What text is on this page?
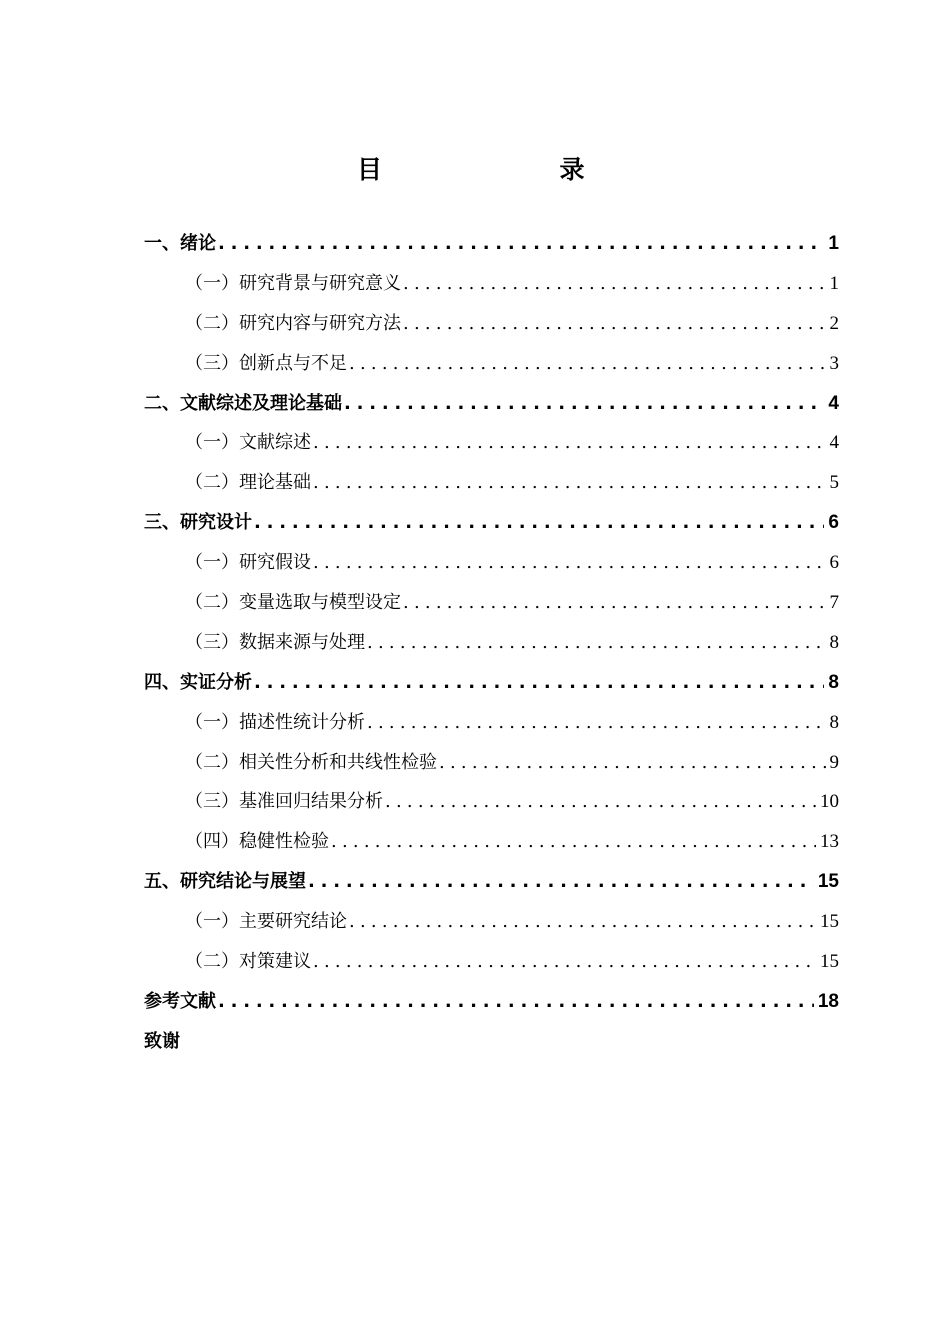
目　　录
一、 绪论 . . .	1
（一） 研究背景与研究意义 . . .	1
（二） 研究内容与研究方法 . . .	2
（三） 创新点与不足 . . .	3
二、 文献综述及理论基础 . . .	4
（一） 文献综述 . . .	4
（二） 理论基础 . . .	5
三、 研究设计 . . .	6
（一） 研究假设 . . .	6
（二） 变量选取与模型设定 . . .	7
（三） 数据来源与处理 . . .	8
四、 实证分析 . . .	8
（一） 描述性统计分析 . . .	8
（二） 相关性分析和共线性检验 . . .	9
（三） 基准回归结果分析 . . .	10
（四） 稳健性检验 . . .	13
五、 研究结论与展望 . . .	15
（一） 主要研究结论 . . .	15
（二） 对策建议 . . .	15
参考文献 . . .	18
致谢
